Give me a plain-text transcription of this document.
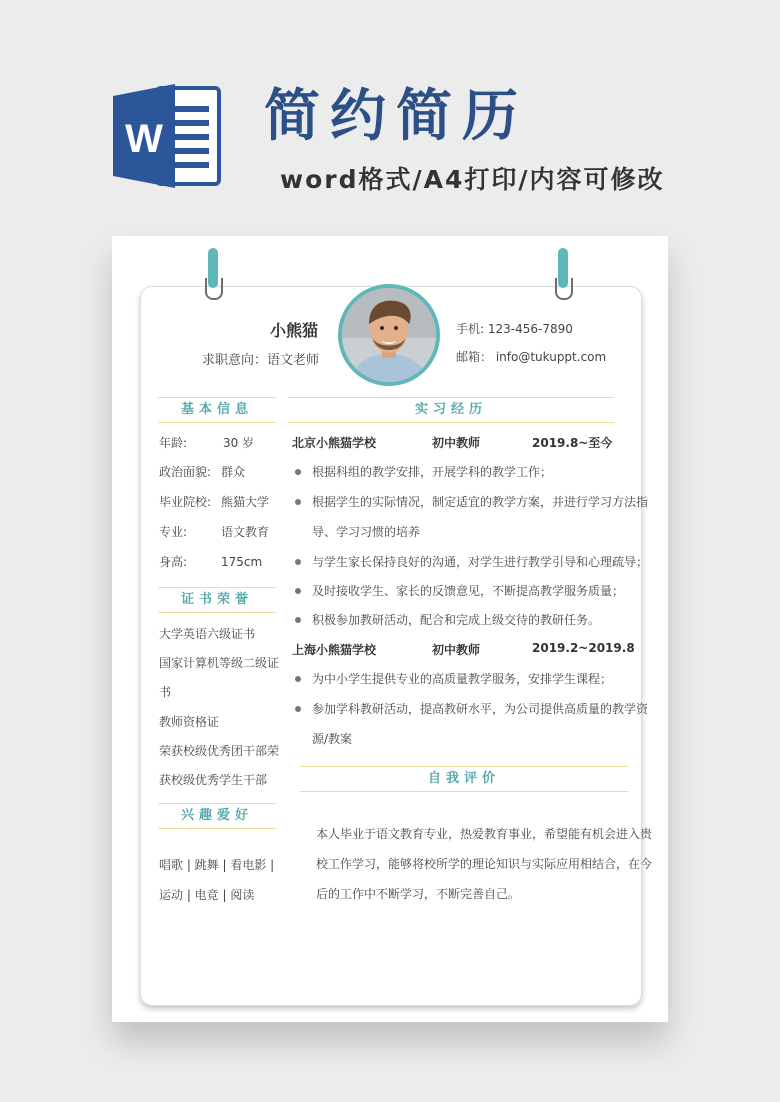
W 简约简历
word格式/A4打印/内容可修改
小熊猫
求职意向：语文老师
手机: 123-456-7890
邮箱： info@tukuppt.com
基本信息
年龄:	30 岁
政治面貌: 群众
毕业院校: 熊猫大学
专业:	语文教育
身高:	175cm
证书荣誉
大学英语六级证书
国家计算机等级二级证
书
教师资格证
荣获校级优秀团干部荣
获校级优秀学生干部
兴趣爱好
唱歌 | 跳舞 | 看电影 |
运动 | 电竞 | 阅读
实习经历
北京小熊猫学校	初中教师	2019.8~至今
根据科组的教学安排，开展学科的教学工作；
根据学生的实际情况，制定适宜的教学方案，并进行学习方法指
导、学习习惯的培养
与学生家长保持良好的沟通，对学生进行教学引导和心理疏导；
及时接收学生、家长的反馈意见，不断提高教学服务质量；
积极参加教研活动，配合和完成上级交待的教研任务。
上海小熊猫学校	初中教师	2019.2~2019.8
为中小学生提供专业的高质量教学服务，安排学生课程；
参加学科教研活动，提高教研水平，为公司提供高质量的教学资
源/教案
自我评价
本人毕业于语文教育专业，热爱教育事业，希望能有机会进入贵
校工作学习，能够将校所学的理论知识与实际应用相结合，在今
后的工作中不断学习，不断完善自己。
